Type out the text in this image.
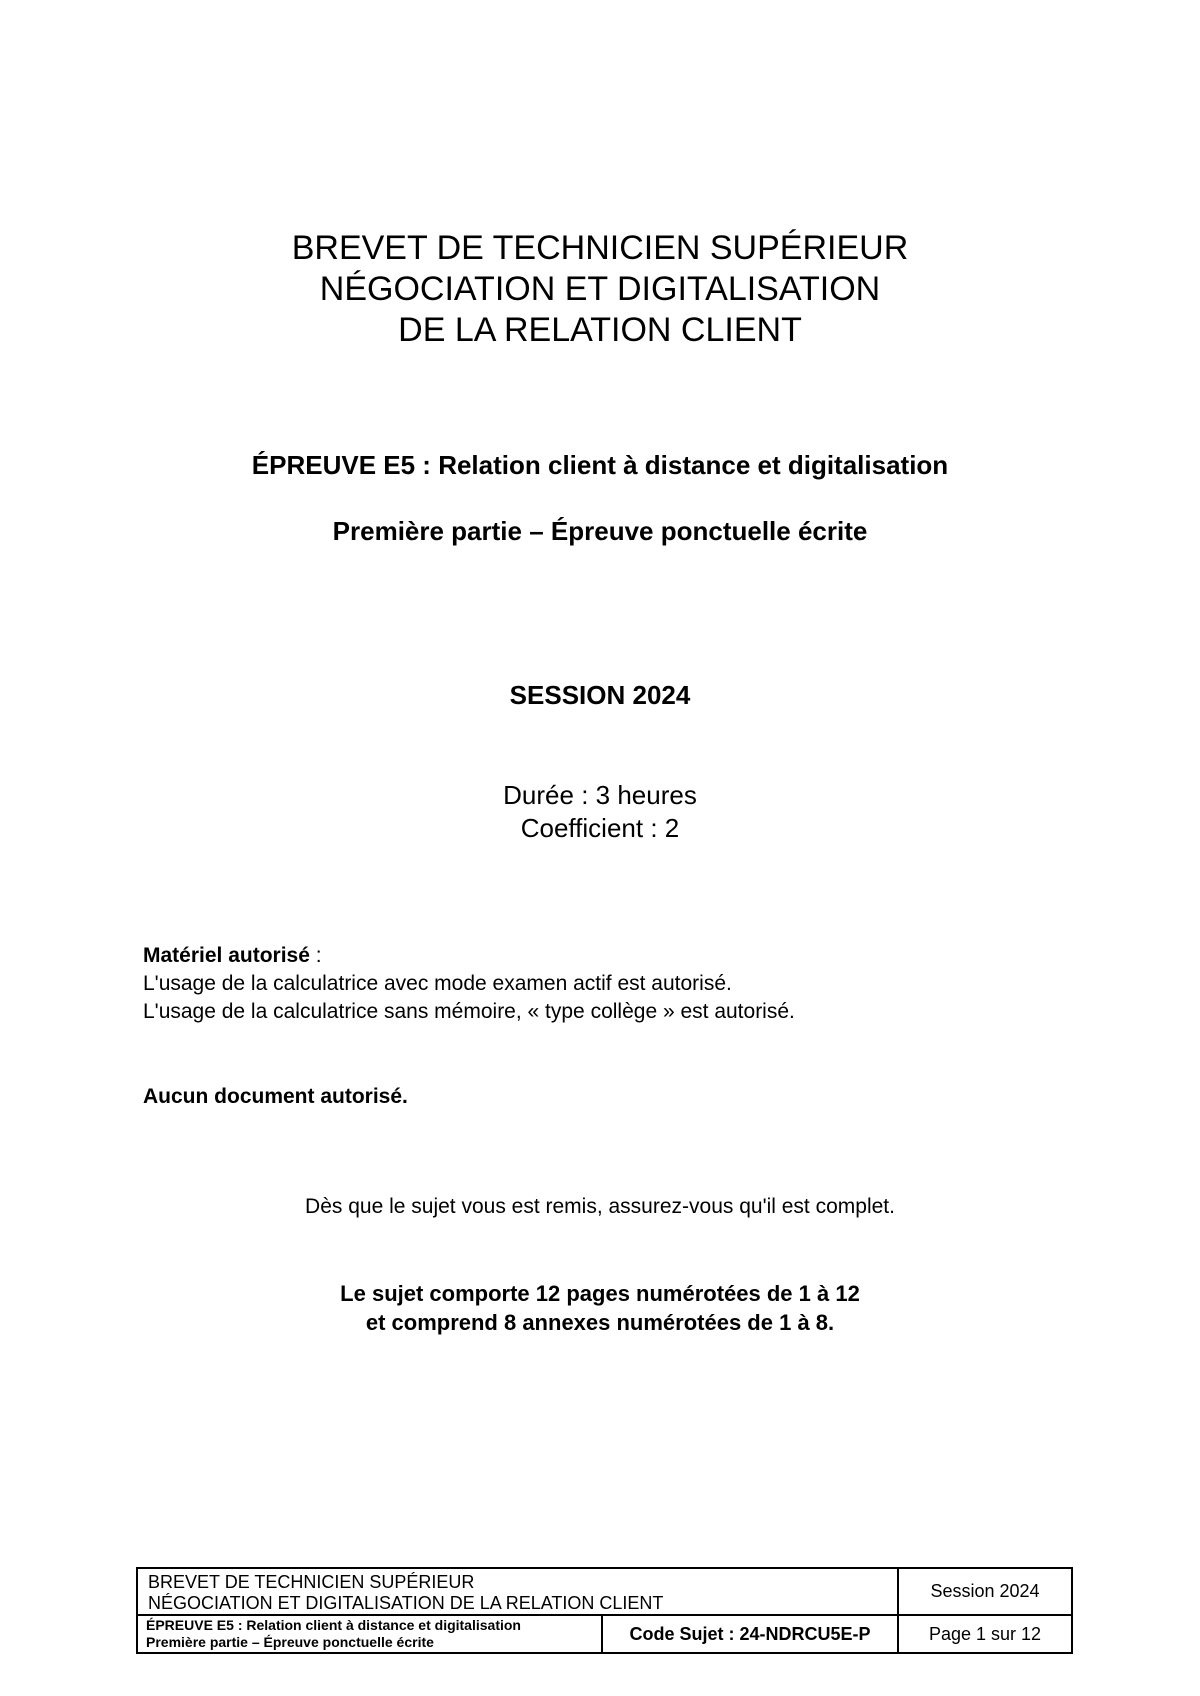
BREVET DE TECHNICIEN SUPÉRIEUR
NÉGOCIATION ET DIGITALISATION
DE LA RELATION CLIENT
ÉPREUVE E5 : Relation client à distance et digitalisation
Première partie – Épreuve ponctuelle écrite
SESSION 2024
Durée : 3 heures
Coefficient : 2
Matériel autorisé :
L'usage de la calculatrice avec mode examen actif est autorisé.
L'usage de la calculatrice sans mémoire, « type collège » est autorisé.
Aucun document autorisé.
Dès que le sujet vous est remis, assurez-vous qu'il est complet.
Le sujet comporte 12 pages numérotées de 1 à 12
et comprend 8 annexes numérotées de 1 à 8.
BREVET DE TECHNICIEN SUPÉRIEUR
NÉGOCIATION ET DIGITALISATION DE LA RELATION CLIENT
Session 2024
ÉPREUVE E5 : Relation client à distance et digitalisation
Première partie – Épreuve ponctuelle écrite	Code Sujet : 24-NDRCU5E-P	Page 1 sur 12
